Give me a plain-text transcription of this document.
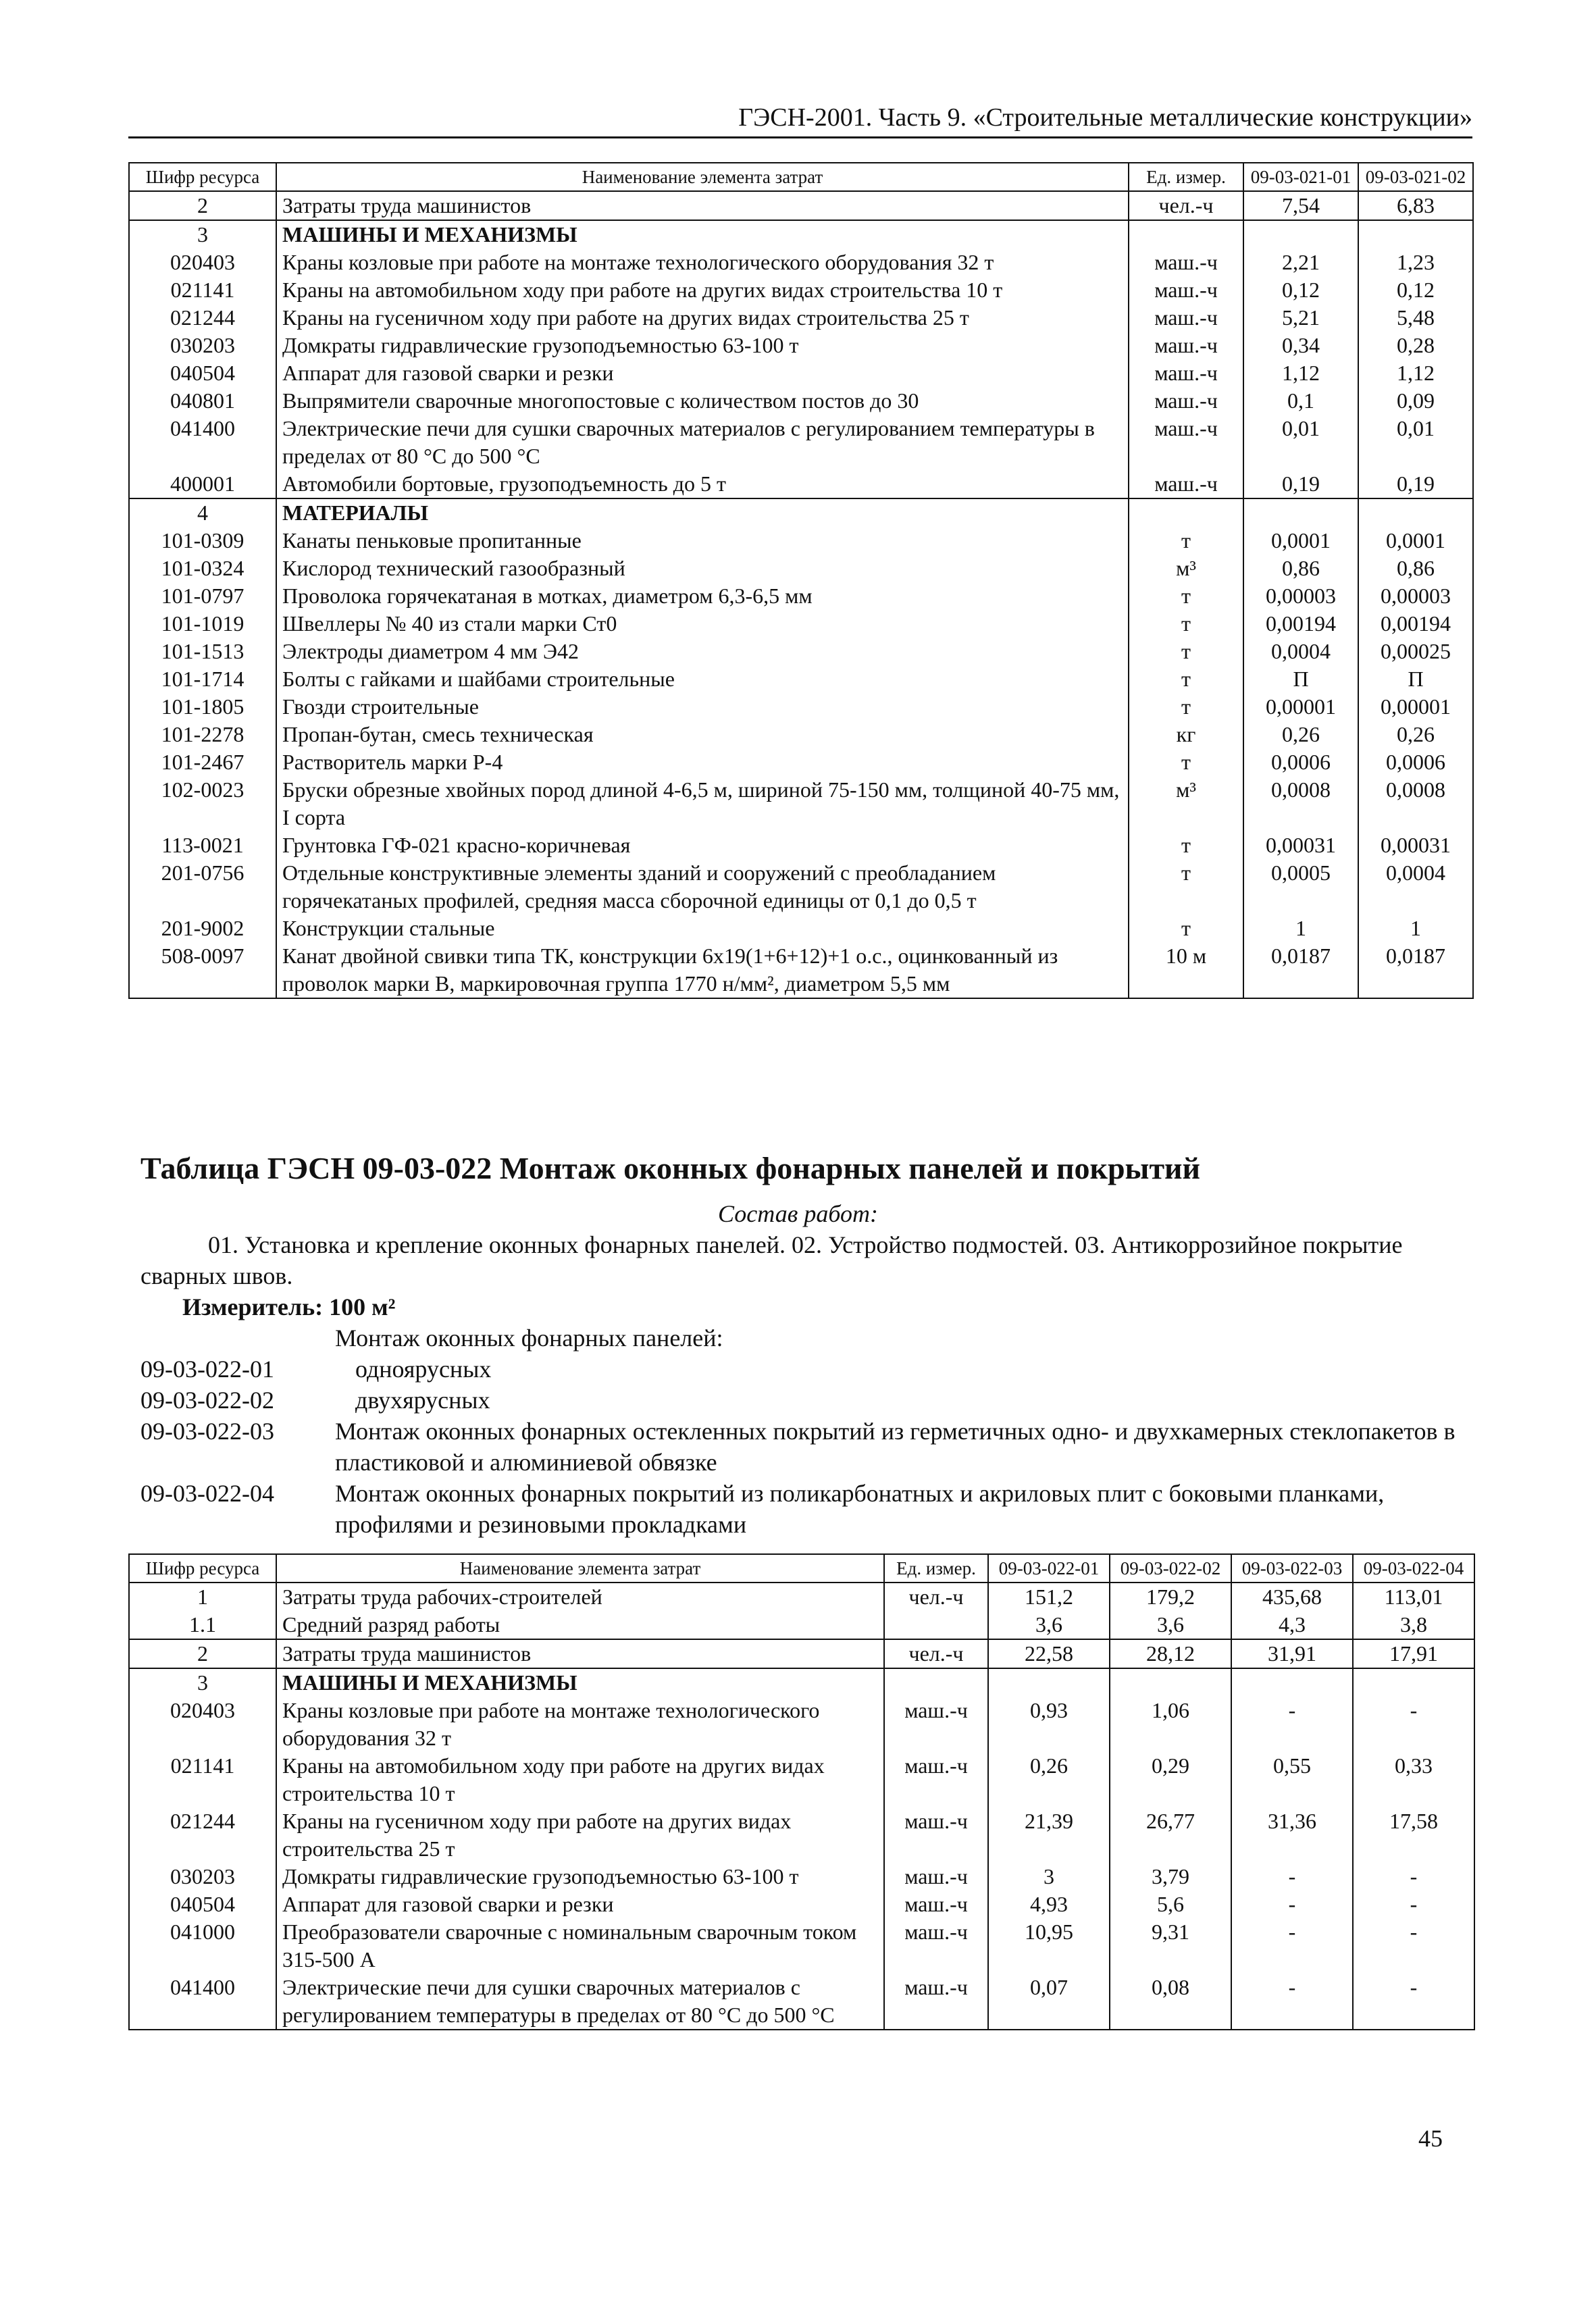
ГЭСН-2001. Часть 9. «Строительные металлические конструкции»
Шифр ресурса	Наименование элемента затрат	Ед. измер.	09-03-021-01	09-03-021-02
2	Затраты труда машинистов	чел.-ч	7,54	6,83
3	МАШИНЫ И МЕХАНИЗМЫ			
020403	Краны козловые при работе на монтаже технологического оборудования 32 т	маш.-ч	2,21	1,23
021141	Краны на автомобильном ходу при работе на других видах строительства 10 т	маш.-ч	0,12	0,12
021244	Краны на гусеничном ходу при работе на других видах строительства 25 т	маш.-ч	5,21	5,48
030203	Домкраты гидравлические грузоподъемностью 63-100 т	маш.-ч	0,34	0,28
040504	Аппарат для газовой сварки и резки	маш.-ч	1,12	1,12
040801	Выпрямители сварочные многопостовые с количеством постов до 30	маш.-ч	0,1	0,09
041400	Электрические печи для сушки сварочных материалов с регулированием температуры в пределах от 80 °С до 500 °С	маш.-ч	0,01	0,01
400001	Автомобили бортовые, грузоподъемность до 5 т	маш.-ч	0,19	0,19
4	МАТЕРИАЛЫ			
101-0309	Канаты пеньковые пропитанные	т	0,0001	0,0001
101-0324	Кислород технический газообразный	м³	0,86	0,86
101-0797	Проволока горячекатаная в мотках, диаметром 6,3-6,5 мм	т	0,00003	0,00003
101-1019	Швеллеры № 40 из стали марки Ст0	т	0,00194	0,00194
101-1513	Электроды диаметром 4 мм Э42	т	0,0004	0,00025
101-1714	Болты с гайками и шайбами строительные	т	П	П
101-1805	Гвозди строительные	т	0,00001	0,00001
101-2278	Пропан-бутан, смесь техническая	кг	0,26	0,26
101-2467	Растворитель марки Р-4	т	0,0006	0,0006
102-0023	Бруски обрезные хвойных пород длиной 4-6,5 м, шириной 75-150 мм, толщиной 40-75 мм, I сорта	м³	0,0008	0,0008
113-0021	Грунтовка ГФ-021 красно-коричневая	т	0,00031	0,00031
201-0756	Отдельные конструктивные элементы зданий и сооружений с преобладанием горячекатаных профилей, средняя масса сборочной единицы от 0,1 до 0,5 т	т	0,0005	0,0004
201-9002	Конструкции стальные	т	1	1
508-0097	Канат двойной свивки типа ТК, конструкции 6х19(1+6+12)+1 о.с., оцинкованный из проволок марки В, маркировочная группа 1770 н/мм², диаметром 5,5 мм	10 м	0,0187	0,0187
Таблица ГЭСН 09-03-022 Монтаж оконных фонарных панелей и покрытий
Состав работ:
01. Установка и крепление оконных фонарных панелей. 02. Устройство подмостей. 03. Антикоррозийное покрытие сварных швов.
Измеритель: 100 м²
Монтаж оконных фонарных панелей:
09-03-022-01	одноярусных
09-03-022-02	двухярусных
09-03-022-03	Монтаж оконных фонарных остекленных покрытий из герметичных одно- и двухкамерных стеклопакетов в пластиковой и алюминиевой обвязке
09-03-022-04	Монтаж оконных фонарных покрытий из поликарбонатных и акриловых плит с боковыми планками, профилями и резиновыми прокладками
Шифр ресурса	Наименование элемента затрат	Ед. измер.	09-03-022-01	09-03-022-02	09-03-022-03	09-03-022-04
1	Затраты труда рабочих-строителей	чел.-ч	151,2	179,2	435,68	113,01
1.1	Средний разряд работы		3,6	3,6	4,3	3,8
2	Затраты труда машинистов	чел.-ч	22,58	28,12	31,91	17,91
3	МАШИНЫ И МЕХАНИЗМЫ					
020403	Краны козловые при работе на монтаже технологического оборудования 32 т	маш.-ч	0,93	1,06	-	-
021141	Краны на автомобильном ходу при работе на других видах строительства 10 т	маш.-ч	0,26	0,29	0,55	0,33
021244	Краны на гусеничном ходу при работе на других видах строительства 25 т	маш.-ч	21,39	26,77	31,36	17,58
030203	Домкраты гидравлические грузоподъемностью 63-100 т	маш.-ч	3	3,79	-	-
040504	Аппарат для газовой сварки и резки	маш.-ч	4,93	5,6	-	-
041000	Преобразователи сварочные с номинальным сварочным током 315-500 А	маш.-ч	10,95	9,31	-	-
041400	Электрические печи для сушки сварочных материалов с регулированием температуры в пределах от 80 °С до 500 °С	маш.-ч	0,07	0,08	-	-
45
